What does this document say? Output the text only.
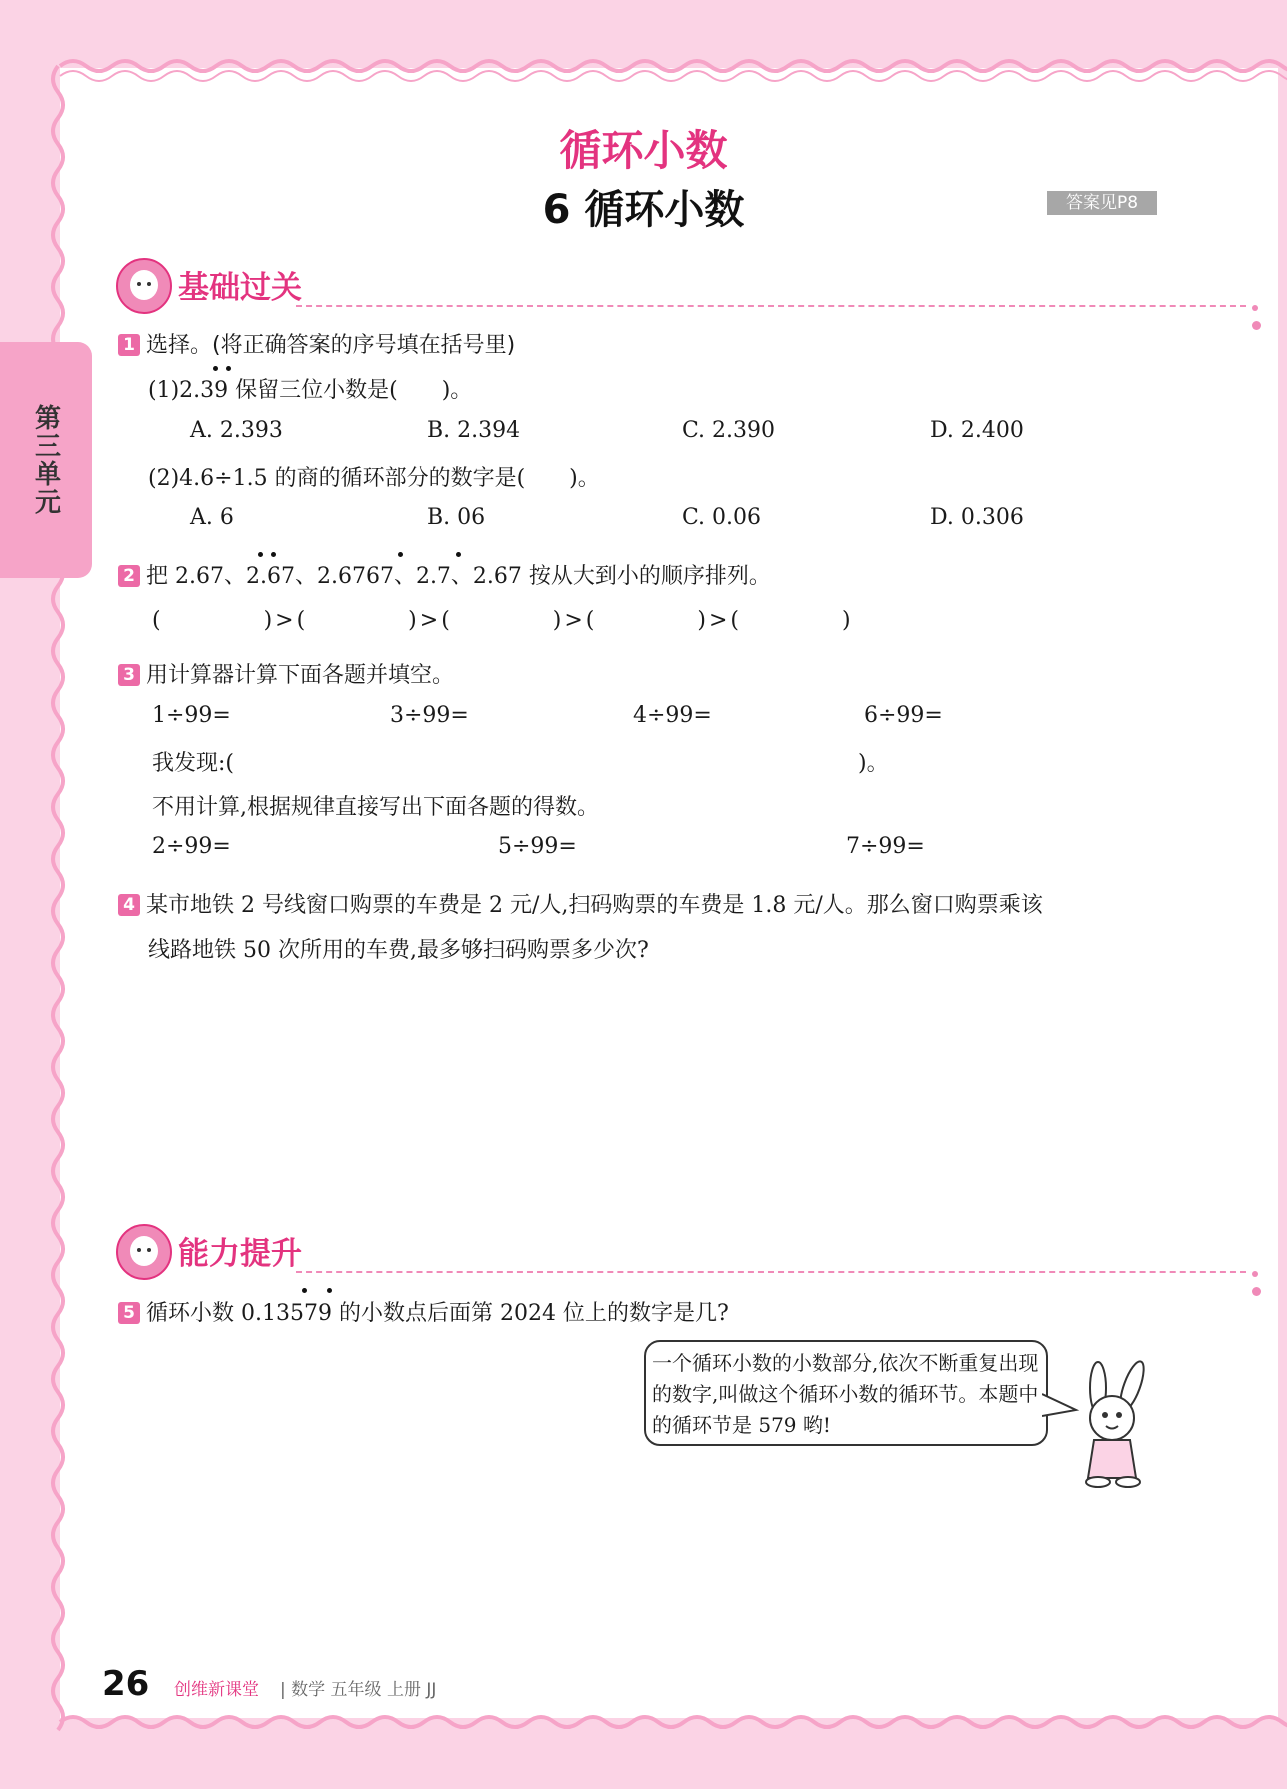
第三单元
循环小数
6 循环小数	答案见P8
基础过关
1 选择。(将正确答案的序号填在括号里)
(1)2.39 保留三位小数是(　　)。
A. 2.393	B. 2.394	C. 2.390	D. 2.400
(2)4.6÷1.5 的商的循环部分的数字是(　　)。
A. 6	B. 06	C. 0.06	D. 0.306
2 把 2.67、2.67、2.6767、2.7、2.67 按从大到小的顺序排列。
(　　　　)>(　　　　)>(　　　　)>(　　　　)>(　　　　)
3 用计算器计算下面各题并填空。
1÷99=	3÷99=	4÷99=	6÷99=
我发现:(	)。
不用计算,根据规律直接写出下面各题的得数。
2÷99=	5÷99=	7÷99=
4 某市地铁 2 号线窗口购票的车费是 2 元/人,扫码购票的车费是 1.8 元/人。那么窗口购票乘该
线路地铁 50 次所用的车费,最多够扫码购票多少次?
能力提升
5 循环小数 0.13579 的小数点后面第 2024 位上的数字是几?
一个循环小数的小数部分,依次不断重复出现的数字,叫做这个循环小数的循环节。本题中的循环节是 579 哟!
26 创维新课堂 | 数学 五年级 上册 JJ
